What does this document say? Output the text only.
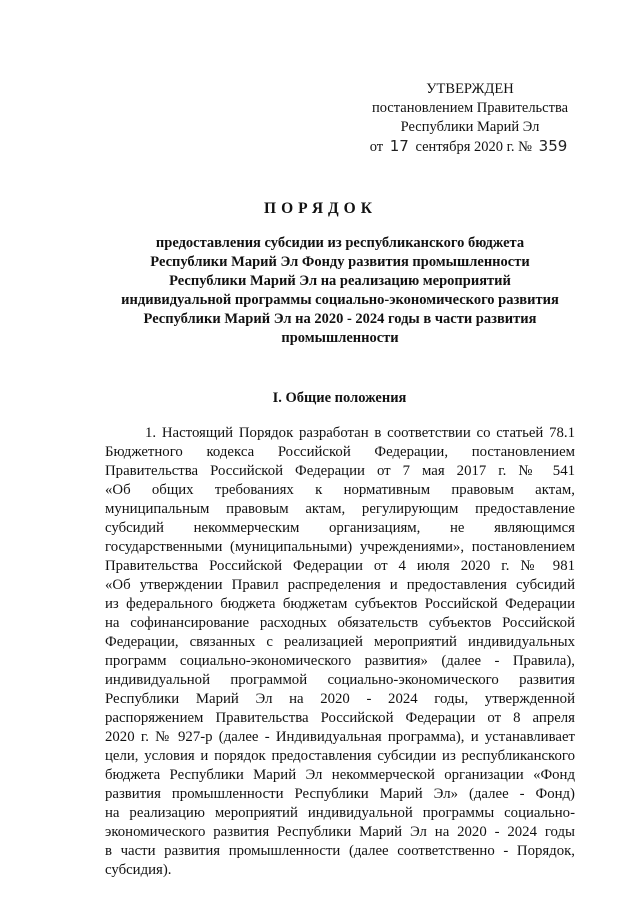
УТВЕРЖДЕН
постановлением Правительства
Республики Марий Эл
от 17 сентября 2020 г. № 359
ПОРЯДОК
предоставления субсидии из республиканского бюджета
Республики Марий Эл Фонду развития промышленности
Республики Марий Эл на реализацию мероприятий
индивидуальной программы социально-экономического развития
Республики Марий Эл на 2020 - 2024 годы в части развития
промышленности
I. Общие положения
1. Настоящий Порядок разработан в соответствии со статьей 78.1
Бюджетного кодекса Российской Федерации, постановлением
Правительства Российской Федерации от 7 мая 2017 г. № 541
«Об общих требованиях к нормативным правовым актам,
муниципальным правовым актам, регулирующим предоставление
субсидий некоммерческим организациям, не являющимся
государственными (муниципальными) учреждениями», постановлением
Правительства Российской Федерации от 4 июля 2020 г. № 981
«Об утверждении Правил распределения и предоставления субсидий
из федерального бюджета бюджетам субъектов Российской Федерации
на софинансирование расходных обязательств субъектов Российской
Федерации, связанных с реализацией мероприятий индивидуальных
программ социально-экономического развития» (далее - Правила),
индивидуальной программой социально-экономического развития
Республики Марий Эл на 2020 - 2024 годы, утвержденной
распоряжением Правительства Российской Федерации от 8 апреля
2020 г. № 927-р (далее - Индивидуальная программа), и устанавливает
цели, условия и порядок предоставления субсидии из республиканского
бюджета Республики Марий Эл некоммерческой организации «Фонд
развития промышленности Республики Марий Эл» (далее - Фонд)
на реализацию мероприятий индивидуальной программы социально-
экономического развития Республики Марий Эл на 2020 - 2024 годы
в части развития промышленности (далее соответственно - Порядок,
субсидия).
